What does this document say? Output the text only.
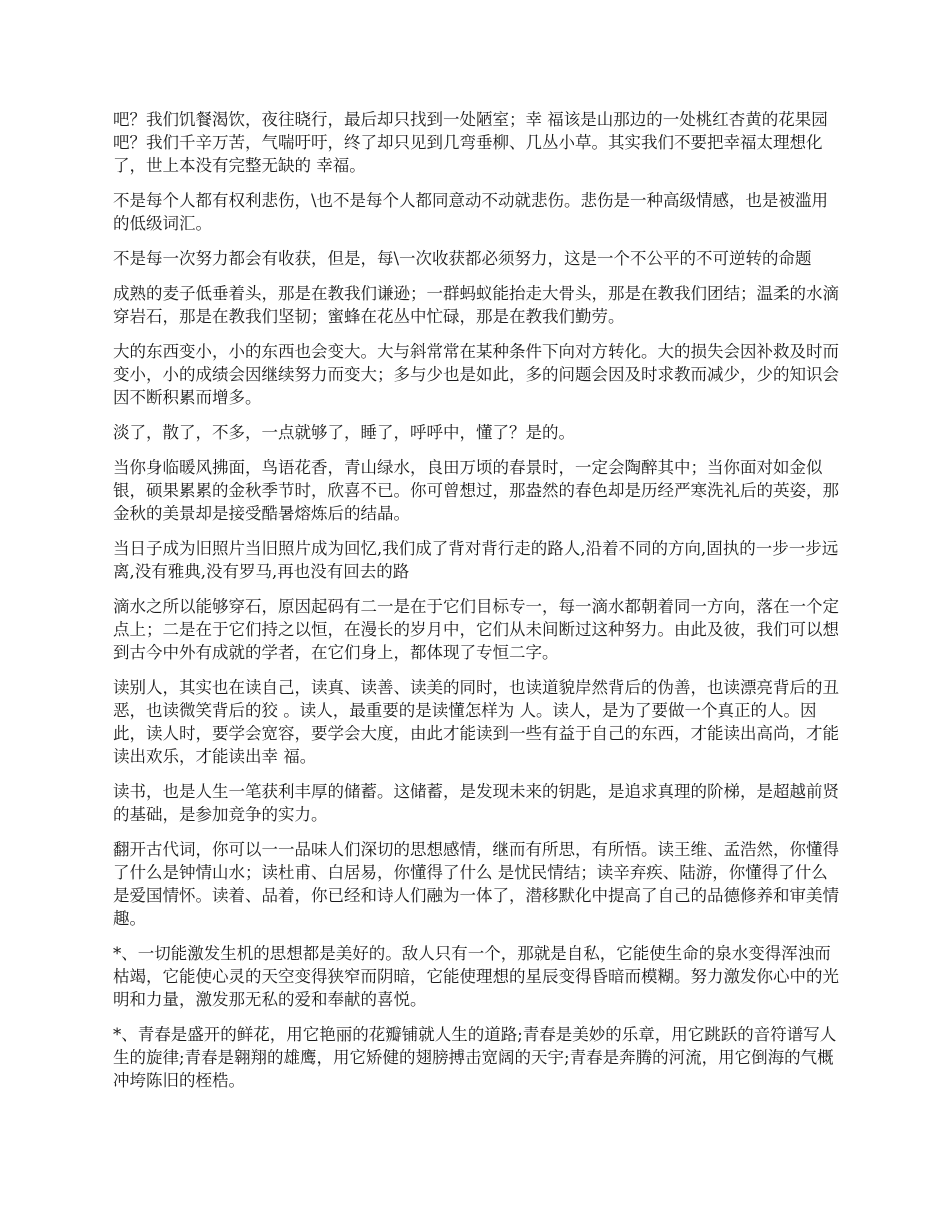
吧？我们饥餐渴饮，夜往晓行，最后却只找到一处陋室；幸 福该是山那边的一处桃红杏黄的花果园吧？我们千辛万苦，气喘吁吁，终了却只见到几弯垂柳、几丛小草。其实我们不要把幸福太理想化了，世上本没有完整无缺的 幸福。

不是每个人都有权利悲伤，\也不是每个人都同意动不动就悲伤。悲伤是一种高级情感，也是被滥用的低级词汇。

不是每一次努力都会有收获，但是，每\一次收获都必须努力，这是一个不公平的不可逆转的命题

成熟的麦子低垂着头，那是在教我们谦逊；一群蚂蚁能抬走大骨头，那是在教我们团结；温柔的水滴穿岩石，那是在教我们坚韧；蜜蜂在花丛中忙碌，那是在教我们勤劳。

大的东西变小，小的东西也会变大。大与斜常常在某种条件下向对方转化。大的损失会因补救及时而变小，小的成绩会因继续努力而变大；多与少也是如此，多的问题会因及时求教而减少，少的知识会因不断积累而增多。

淡了，散了，不多，一点就够了，睡了，呼呼中，懂了？是的。

当你身临暖风拂面，鸟语花香，青山绿水，良田万顷的春景时，一定会陶醉其中；当你面对如金似银，硕果累累的金秋季节时，欣喜不已。你可曾想过，那盎然的春色却是历经严寒洗礼后的英姿，那金秋的美景却是接受酷暑熔炼后的结晶。

当日子成为旧照片当旧照片成为回忆,我们成了背对背行走的路人,沿着不同的方向,固执的一步一步远离,没有雅典,没有罗马,再也没有回去的路

滴水之所以能够穿石，原因起码有二一是在于它们目标专一，每一滴水都朝着同一方向，落在一个定点上；二是在于它们持之以恒，在漫长的岁月中，它们从未间断过这种努力。由此及彼，我们可以想到古今中外有成就的学者，在它们身上，都体现了专恒二字。

读别人，其实也在读自己，读真、读善、读美的同时，也读道貌岸然背后的伪善，也读漂亮背后的丑恶，也读微笑背后的狡 。读人，最重要的是读懂怎样为 人。读人，是为了要做一个真正的人。因此，读人时，要学会宽容，要学会大度，由此才能读到一些有益于自己的东西，才能读出高尚，才能读出欢乐，才能读出幸 福。

读书，也是人生一笔获利丰厚的储蓄。这储蓄，是发现未来的钥匙，是追求真理的阶梯，是超越前贤的基础，是参加竞争的实力。

翻开古代词，你可以一一品味人们深切的思想感情，继而有所思，有所悟。读王维、孟浩然，你懂得了什么是钟情山水；读杜甫、白居易，你懂得了什么 是忧民情结；读辛弃疾、陆游，你懂得了什么是爱国情怀。读着、品着，你已经和诗人们融为一体了，潜移默化中提高了自己的品德修养和审美情趣。

*、一切能激发生机的思想都是美好的。敌人只有一个，那就是自私，它能使生命的泉水变得浑浊而枯竭，它能使心灵的天空变得狭窄而阴暗，它能使理想的星辰变得昏暗而模糊。努力激发你心中的光明和力量，激发那无私的爱和奉献的喜悦。

*、青春是盛开的鲜花，用它艳丽的花瓣铺就人生的道路;青春是美妙的乐章，用它跳跃的音符谱写人生的旋律;青春是翱翔的雄鹰，用它矫健的翅膀搏击宽阔的天宇;青春是奔腾的河流，用它倒海的气概冲垮陈旧的桎梏。
